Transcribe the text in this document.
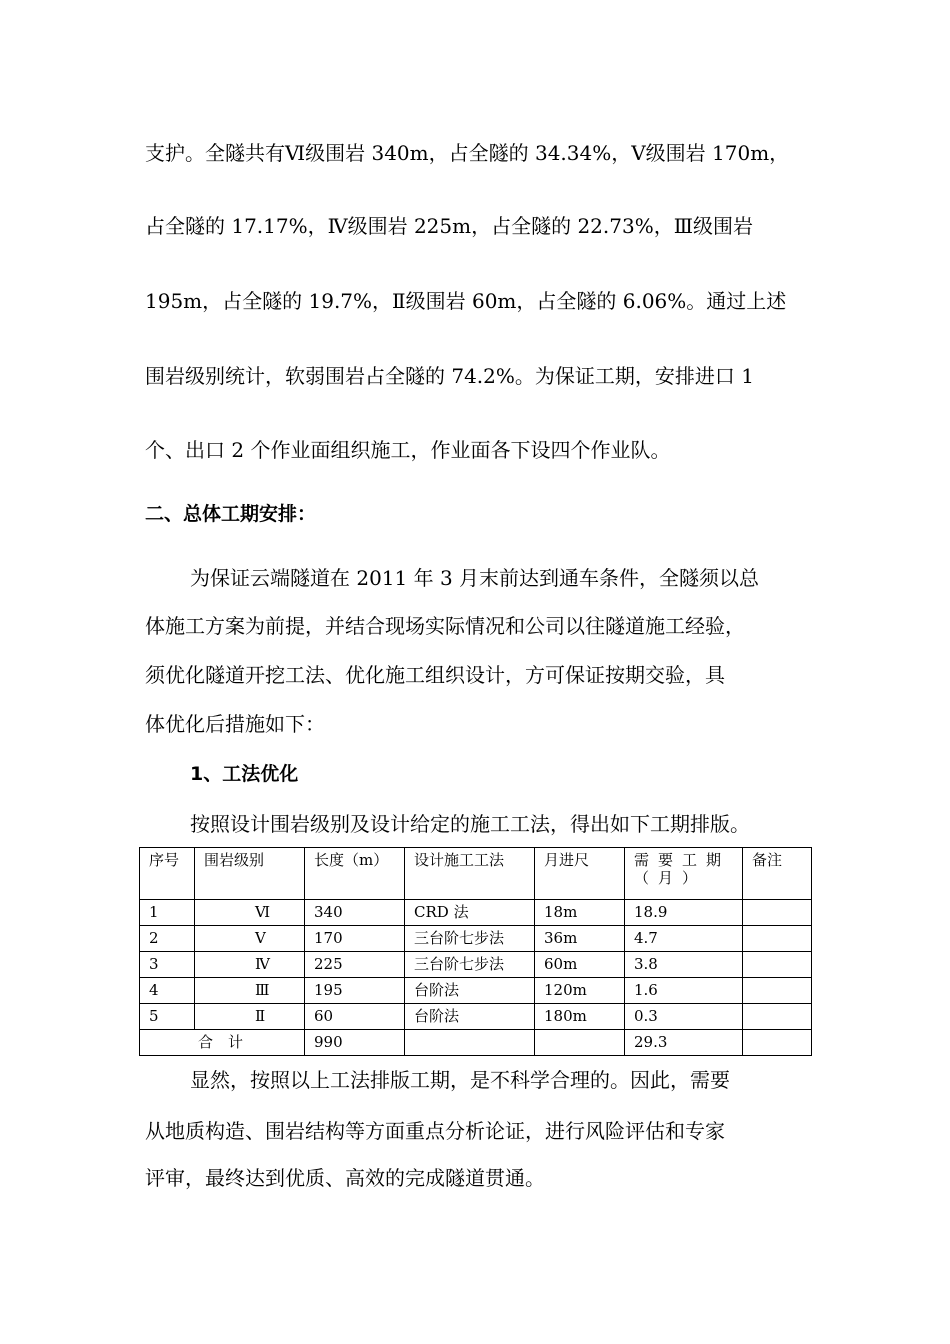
支护。全隧共有Ⅵ级围岩 340m，占全隧的 34.34%，Ⅴ级围岩 170m，
占全隧的 17.17%，Ⅳ级围岩 225m，占全隧的 22.73%，Ⅲ级围岩
195m，占全隧的 19.7%，Ⅱ级围岩 60m，占全隧的 6.06%。通过上述
围岩级别统计，软弱围岩占全隧的 74.2%。为保证工期，安排进口 1
个、出口 2 个作业面组织施工，作业面各下设四个作业队。
二、总体工期安排：
为保证云端隧道在 2011 年 3 月末前达到通车条件，全隧须以总
体施工方案为前提，并结合现场实际情况和公司以往隧道施工经验，
须优化隧道开挖工法、优化施工组织设计，方可保证按期交验，具
体优化后措施如下：
1、工法优化
按照设计围岩级别及设计给定的施工工法，得出如下工期排版。
序号	围岩级别	长度（m）	设计施工工法	月进尺	需要工期（月）	备注
1	Ⅵ	340	CRD 法	18m	18.9	
2	Ⅴ	170	三台阶七步法	36m	4.7	
3	Ⅳ	225	三台阶七步法	60m	3.8	
4	Ⅲ	195	台阶法	120m	1.6	
5	Ⅱ	60	台阶法	180m	0.3	
合　计		990			29.3	
显然，按照以上工法排版工期，是不科学合理的。因此，需要
从地质构造、围岩结构等方面重点分析论证，进行风险评估和专家
评审，最终达到优质、高效的完成隧道贯通。
